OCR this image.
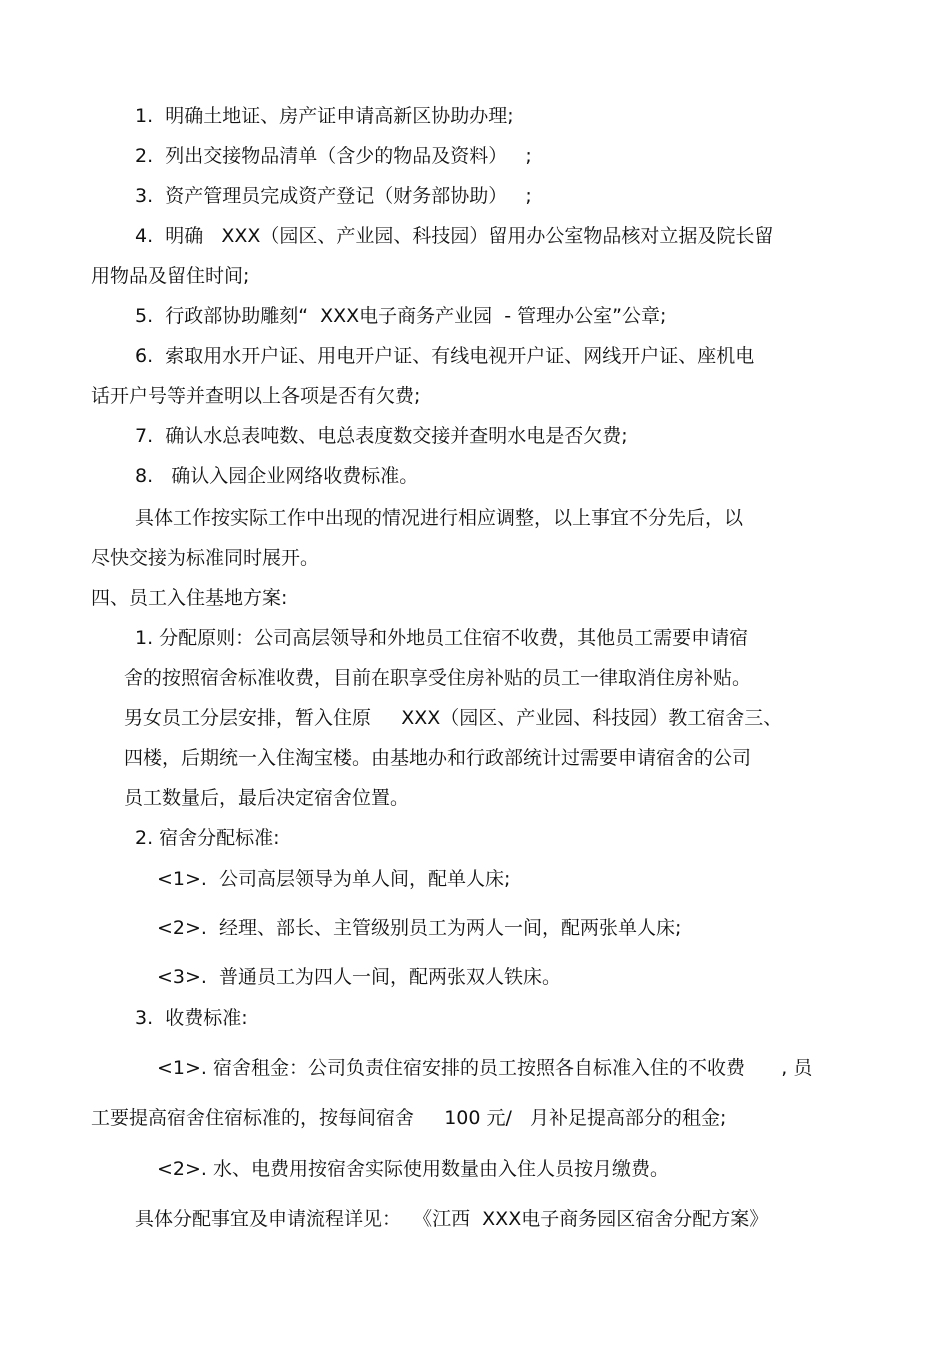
1.  明确土地证、房产证申请高新区协助办理;
2.  列出交接物品清单（含少的物品及资料）   ;
3.  资产管理员完成资产登记（财务部协助）   ;
4.  明确   XXX（园区、产业园、科技园）留用办公室物品核对立据及院长留
用物品及留住时间;
5.  行政部协助雕刻“  XXX电子商务产业园  - 管理办公室”公章;
6.  索取用水开户证、用电开户证、有线电视开户证、网线开户证、座机电
话开户号等并查明以上各项是否有欠费;
7.  确认水总表吨数、电总表度数交接并查明水电是否欠费;
8.   确认入园企业网络收费标准。
具体工作按实际工作中出现的情况进行相应调整，以上事宜不分先后，以
尽快交接为标准同时展开。
四、员工入住基地方案:
1. 分配原则：公司高层领导和外地员工住宿不收费，其他员工需要申请宿
舍的按照宿舍标准收费，目前在职享受住房补贴的员工一律取消住房补贴。
男女员工分层安排，暂入住原     XXX（园区、产业园、科技园）教工宿舍三、
四楼，后期统一入住淘宝楼。由基地办和行政部统计过需要申请宿舍的公司
员工数量后，最后决定宿舍位置。
2. 宿舍分配标准:
<1>.  公司高层领导为单人间，配单人床;
<2>.  经理、部长、主管级别员工为两人一间，配两张单人床;
<3>.  普通员工为四人一间，配两张双人铁床。
3.  收费标准:
<1>. 宿舍租金：公司负责住宿安排的员工按照各自标准入住的不收费      , 员
工要提高宿舍住宿标准的，按每间宿舍     100 元/   月补足提高部分的租金;
<2>. 水、电费用按宿舍实际使用数量由入住人员按月缴费。
具体分配事宜及申请流程详见：  《江西  XXX电子商务园区宿舍分配方案》
